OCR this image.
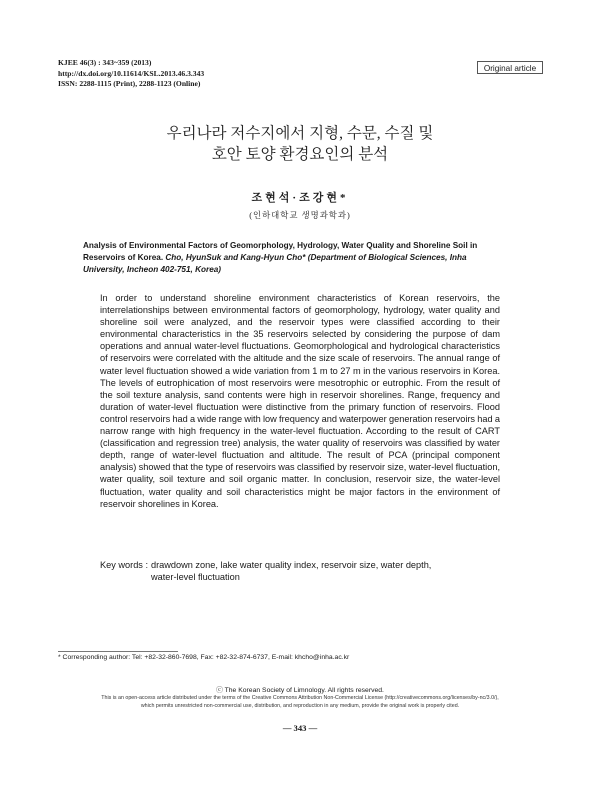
KJEE 46(3) : 343~359 (2013)
http://dx.doi.org/10.11614/KSL.2013.46.3.343
ISSN: 2288-1115 (Print), 2288-1123 (Online)
Original article
우리나라 저수지에서 지형, 수문, 수질 및
호안 토양 환경요인의 분석
조현석·조강현*
(인하대학교 생명과학과)
Analysis of Environmental Factors of Geomorphology, Hydrology, Water Quality and Shoreline Soil in Reservoirs of Korea. Cho, HyunSuk and Kang-Hyun Cho* (Department of Biological Sciences, Inha University, Incheon 402-751, Korea)
In order to understand shoreline environment characteristics of Korean reservoirs, the interrelationships between environmental factors of geomorphology, hydrology, water quality and shoreline soil were analyzed, and the reservoir types were classified according to their environmental characteristics in the 35 reservoirs selected by considering the purpose of dam operations and annual water-level fluctuations. Geomorphological and hydrological characteristics of reservoirs were correlated with the altitude and the size scale of reservoirs. The annual range of water level fluctuation showed a wide variation from 1 m to 27 m in the various reservoirs in Korea. The levels of eutrophication of most reservoirs were mesotrophic or eutrophic. From the result of the soil texture analysis, sand contents were high in reservoir shorelines. Range, frequency and duration of water-level fluctuation were distinctive from the primary function of reservoirs. Flood control reservoirs had a wide range with low frequency and waterpower generation reservoirs had a narrow range with high frequency in the water-level fluctuation. According to the result of CART (classification and regression tree) analysis, the water quality of reservoirs was classified by water depth, range of water-level fluctuation and altitude. The result of PCA (principal component analysis) showed that the type of reservoirs was classified by reservoir size, water-level fluctuation, water quality, soil texture and soil organic matter. In conclusion, reservoir size, the water-level fluctuation, water quality and soil characteristics might be major factors in the environment of reservoir shorelines in Korea.
Key words : drawdown zone, lake water quality index, reservoir size, water depth,
water-level fluctuation
* Corresponding author: Tel: +82-32-860-7698, Fax: +82-32-874-6737, E-mail: khcho@inha.ac.kr
ⓒ The Korean Society of Limnology. All rights reserved.
This is an open-access article distributed under the terms of the Creative Commons Attribution Non-Commercial License (http://creativecommons.org/licenses/by-nc/3.0/),
which permits unrestricted non-commercial use, distribution, and reproduction in any medium, provide the original work is properly cited.
— 343 —
